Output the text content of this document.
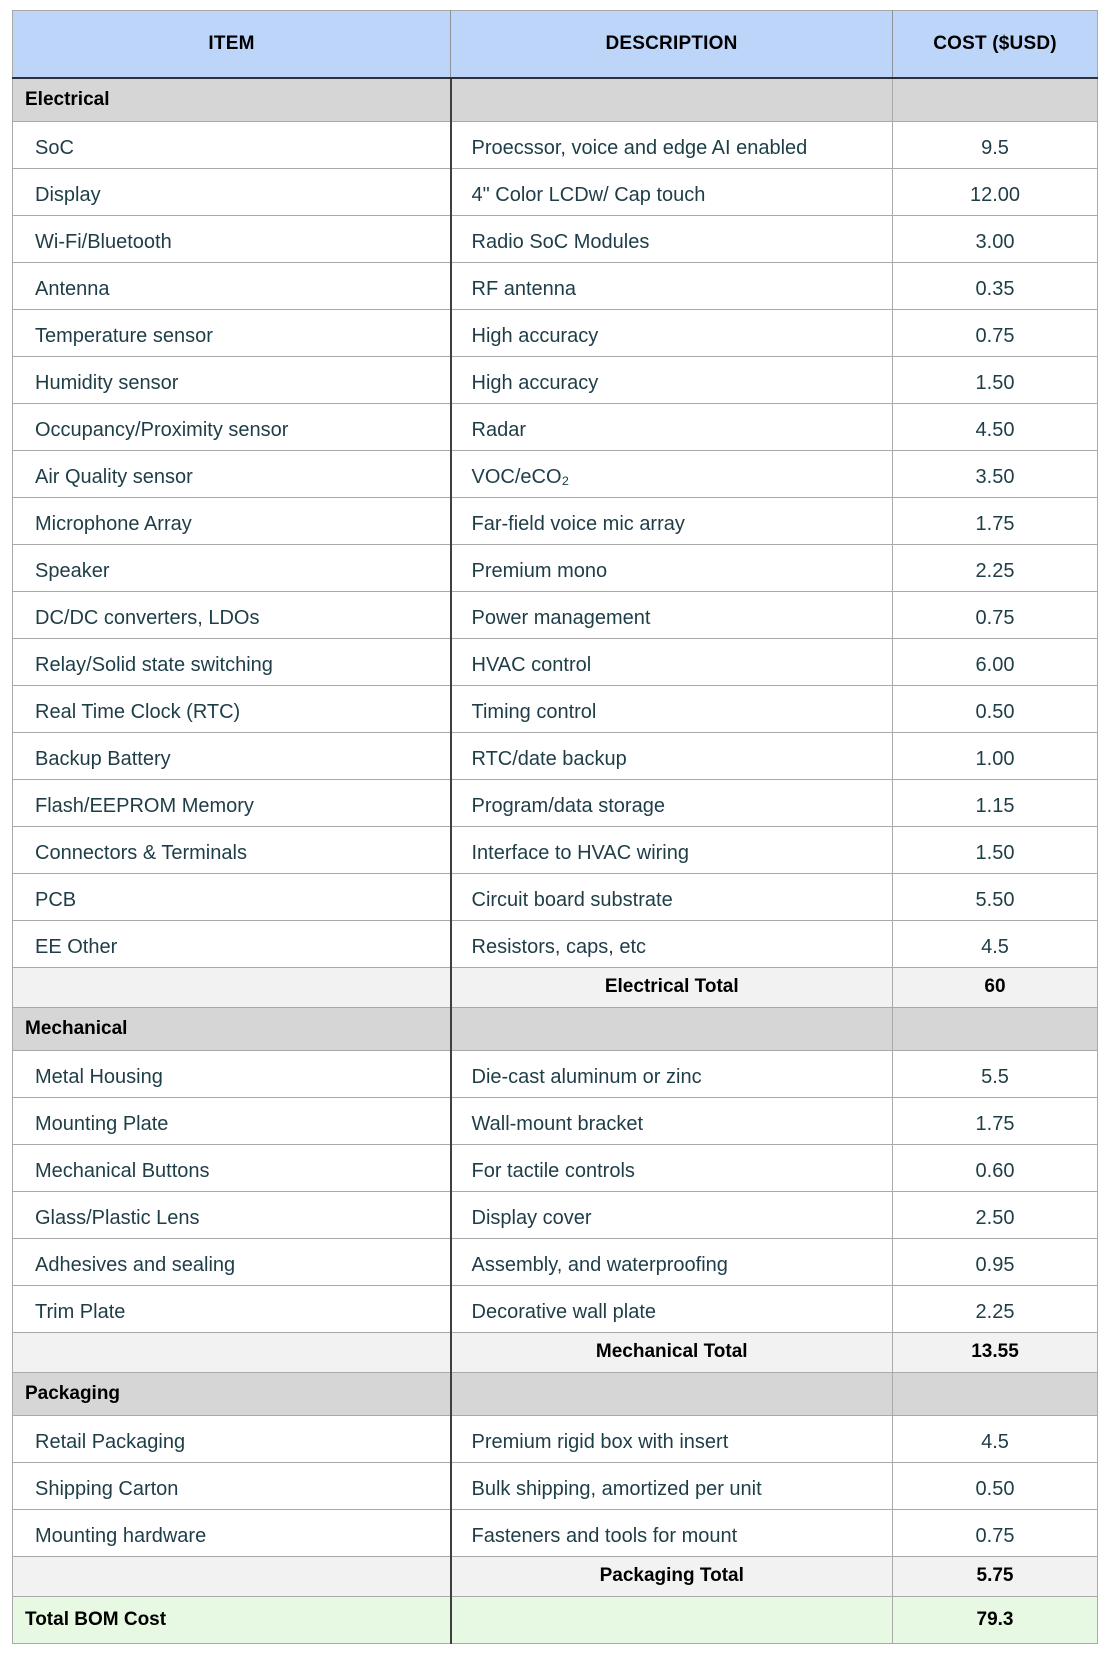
ITEM	DESCRIPTION	COST ($USD)
Electrical		
SoC	Proecssor, voice and edge AI enabled	9.5
Display	4" Color LCDw/ Cap touch	12.00
Wi-Fi/Bluetooth	Radio SoC Modules	3.00
Antenna	RF antenna	0.35
Temperature sensor	High accuracy	0.75
Humidity sensor	High accuracy	1.50
Occupancy/Proximity sensor	Radar	4.50
Air Quality sensor	VOC/eCO₂	3.50
Microphone Array	Far-field voice mic array	1.75
Speaker	Premium mono	2.25
DC/DC converters, LDOs	Power management	0.75
Relay/Solid state switching	HVAC control	6.00
Real Time Clock (RTC)	Timing control	0.50
Backup Battery	RTC/date backup	1.00
Flash/EEPROM Memory	Program/data storage	1.15
Connectors & Terminals	Interface to HVAC wiring	1.50
PCB	Circuit board substrate	5.50
EE Other	Resistors, caps, etc	4.5
	Electrical Total	60
Mechanical		
Metal Housing	Die-cast aluminum or zinc	5.5
Mounting Plate	Wall-mount bracket	1.75
Mechanical Buttons	For tactile controls	0.60
Glass/Plastic Lens	Display cover	2.50
Adhesives and sealing	Assembly, and waterproofing	0.95
Trim Plate	Decorative wall plate	2.25
	Mechanical Total	13.55
Packaging		
Retail Packaging	Premium rigid box with insert	4.5
Shipping Carton	Bulk shipping, amortized per unit	0.50
Mounting hardware	Fasteners and tools for mount	0.75
	Packaging Total	5.75
Total BOM Cost		79.3
